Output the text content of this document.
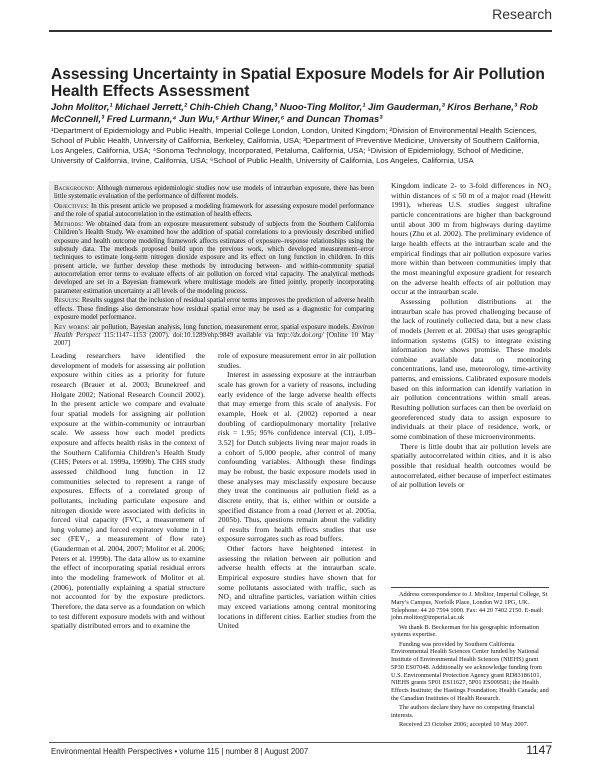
Research
Assessing Uncertainty in Spatial Exposure Models for Air Pollution Health Effects Assessment
John Molitor,¹ Michael Jerrett,² Chih-Chieh Chang,³ Nuoo-Ting Molitor,¹ Jim Gauderman,³ Kiros Berhane,³ Rob McConnell,³ Fred Lurmann,⁴ Jun Wu,⁵ Arthur Winer,⁶ and Duncan Thomas³
¹Department of Epidemiology and Public Health, Imperial College London, London, United Kingdom; ²Division of Environmental Health Sciences, School of Public Health, University of California, Berkeley, California, USA; ³Department of Preventive Medicine, University of Southern California, Los Angeles, California, USA; ⁴Sonoma Technology, Incorporated, Petaluma, California, USA; ⁵Division of Epidemiology, School of Medicine, University of California, Irvine, California, USA; ⁶School of Public Health, University of California, Los Angeles, California, USA

Background: Although numerous epidemiologic studies now use models of intraurban exposure, there has been little systematic evaluation of the performance of different models.

Objectives: In this present article we proposed a modeling framework for assessing exposure model performance and the role of spatial autocorrelation in the estimation of health effects.

Methods: We obtained data from an exposure measurement substudy of subjects from the Southern California Children’s Health Study. We examined how the addition of spatial correlations to a previously described unified exposure and health outcome modeling framework affects estimates of exposure–response relationships using the substudy data. The methods proposed build upon the previous work, which developed measurement–error techniques to estimate long-term nitrogen dioxide exposure and its effect on lung function in children. In this present article, we further develop these methods by introducing between- and within-community spatial autocorrelation error terms to evaluate effects of air pollution on forced vital capacity. The analytical methods developed are set in a Bayesian framework where multistage models are fitted jointly, properly incorporating parameter estimation uncertainty at all levels of the modeling process.

Results: Results suggest that the inclusion of residual spatial error terms improves the prediction of adverse health effects. These findings also demonstrate how residual spatial error may be used as a diagnostic for comparing exposure model performance.

Key words: air pollution, Bayesian analysis, lung function, measurement error, spatial exposure models. Environ Health Perspect 115:1147–1153 (2007). doi:10.1289/ehp.9849 available via http://dx.doi.org/ [Online 10 May 2007]

Leading researchers have identified the development of models for assessing air pollution exposure within cities as a priority for future research (Brauer et al. 2003; Brunekreef and Holgate 2002; National Research Council 2002). In the present article we compare and evaluate four spatial models for assigning air pollution exposure at the within-community or intraurban scale. We assess how each model predicts exposure and affects health risks in the context of the Southern California Children’s Health Study (CHS; Peters et al. 1999a, 1999b). The CHS study assessed childhood lung function in 12 communities selected to represent a range of exposures. Effects of a correlated group of pollutants, including particulate exposure and nitrogen dioxide were associated with deficits in forced vital capacity (FVC, a measurement of lung volume) and forced expiratory volume in 1 sec (FEV₁, a measurement of flow rate) (Gauderman et al. 2004, 2007; Molitor et al. 2006; Peters et al. 1999b). The data allow us to examine the effect of incorporating spatial residual errors into the modeling framework of Molitor et al. (2006), potentially explaining a spatial structure not accounted for by the exposure predictors. Therefore, the data serve as a foundation on which to test different exposure models with and without spatially distributed errors and to examine the

role of exposure measurement error in air pollution studies.

Interest in assessing exposure at the intraurban scale has grown for a variety of reasons, including early evidence of the large adverse health effects that may emerge from this scale of analysis. For example, Hoek et al. (2002) reported a near doubling of cardiopulmonary mortality [relative risk = 1.95; 95% confidence interval (CI), 1.09–3.52] for Dutch subjects living near major roads in a cohort of 5,000 people, after control of many confounding variables. Although these findings may be robust, the basic exposure models used in these analyses may misclassify exposure because they treat the continuous air pollution field as a discrete entity, that is, either within or outside a specified distance from a road (Jerrett et al. 2005a, 2005b). Thus, questions remain about the validity of results from health effects studies that use exposure surrogates such as road buffers.

Other factors have heightened interest in assessing the relation between air pollution and adverse health effects at the intraurban scale. Empirical exposure studies have shown that for some pollutants associated with traffic, such as NO₂ and ultrafine particles, variation within cities may exceed variations among central monitoring locations in different cities. Earlier studies from the United

Kingdom indicate 2- to 3-fold differences in NO₂ within distances of ≤ 50 m of a major road (Hewitt 1991), whereas U.S. studies suggest ultrafine particle concentrations are higher than background until about 300 m from highways during daytime hours (Zhu et al. 2002). The preliminary evidence of large health effects at the intraurban scale and the empirical findings that air pollution exposure varies more within than between communities imply that the most meaningful exposure gradient for research on the adverse health effects of air pollution may occur at the intraurban scale.

Assessing pollution distributions at the intraurban scale has proved challenging because of the lack of routinely collected data, but a new class of models (Jerrett et al. 2005a) that uses geographic information systems (GIS) to integrate existing information now shows promise. These models combine available data on monitoring concentrations, land use, meteorology, time-activity patterns, and emissions. Calibrated exposure models based on this information can identify variation in air pollution concentrations within small areas. Resulting pollution surfaces can then be overlaid on georeferenced study data to assign exposure to individuals at their place of residence, work, or some combination of these microenvironments.

There is little doubt that air pollution levels are spatially autocorrelated within cities, and it is also possible that residual health outcomes would be autocorrelated, either because of imperfect estimates of air pollution levels or

Address correspondence to J. Molitor, Imperial College, St Mary’s Campus, Norfolk Place, London W2 1PG, UK. Telephone: 44 20 7594 1000. Fax: 44 20 7402 2150. E-mail: john.molitor@imperial.ac.uk

We thank B. Beckerman for his geographic information systems expertise.

Funding was provided by Southern California Environmental Health Sciences Center funded by National Institute of Environmental Health Sciences (NIEHS) grant 5P30 ES07048. Additionally we acknowledge funding from U.S. Environmental Protection Agency grant RD83186101, NIEHS grants 5P01 ES11627, 5P01 ES009581; the Health Effects Institute; the Hastings Foundation; Health Canada; and the Canadian Institutes of Health Research.

The authors declare they have no competing financial interests.

Received 23 October 2006; accepted 10 May 2007.

Environmental Health Perspectives • volume 115 | number 8 | August 2007	1147
